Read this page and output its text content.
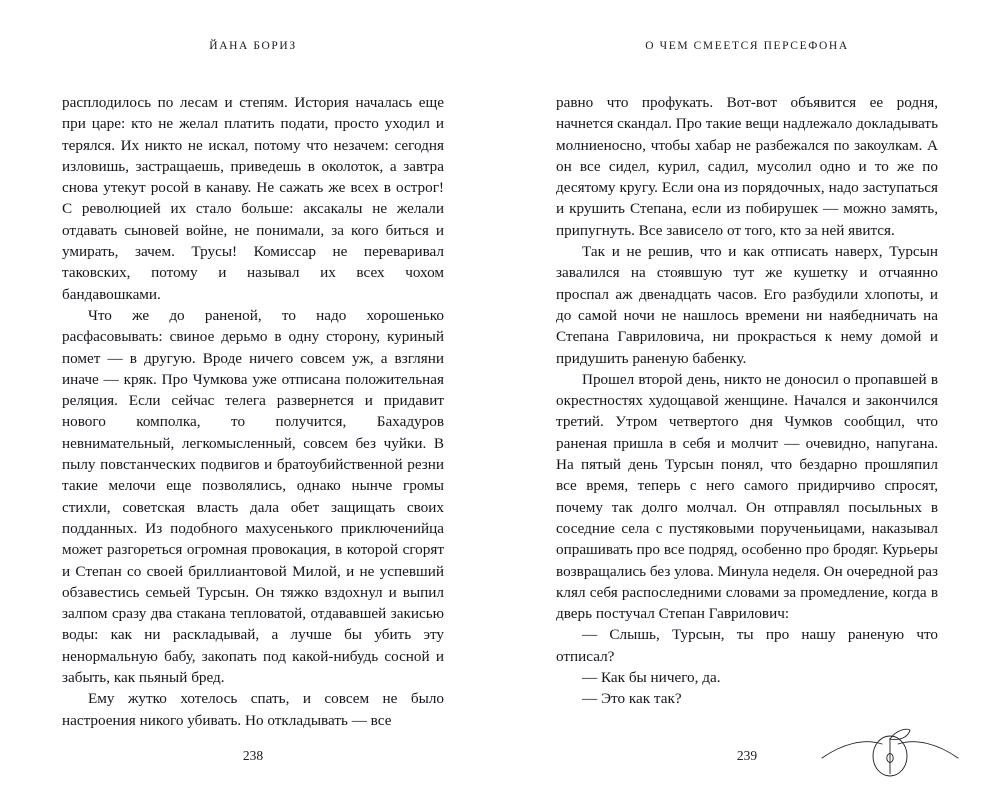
ЙАНА БОРИЗ

расплодилось по лесам и степям. История началась еще при царе: кто не желал платить подати, просто уходил и терялся. Их никто не искал, потому что незачем: сегодня изловишь, застращаешь, приведешь в околоток, а завтра снова утекут росой в канаву. Не сажать же всех в острог! С революцией их стало больше: аксакалы не желали отдавать сыновей войне, не понимали, за кого биться и умирать, зачем. Трусы! Комиссар не переваривал таковских, потому и называл их всех чохом бандавошками.

Что же до раненой, то надо хорошенько расфасовывать: свиное дерьмо в одну сторону, куриный помет — в другую. Вроде ничего совсем уж, а взгляни иначе — кряк. Про Чумкова уже отписана положительная реляция. Если сейчас телега развернется и придавит нового комполка, то получится, Бахадуров невнимательный, легкомысленный, совсем без чуйки. В пылу повстанческих подвигов и братоубийственной резни такие мелочи еще позволялись, однако нынче громы стихли, советская власть дала обет защищать своих подданных. Из подобного махусенького приключенийца может разгореться огромная провокация, в которой сгорят и Степан со своей бриллиантовой Милой, и не успевший обзавестись семьей Турсын. Он тяжко вздохнул и выпил залпом сразу два стакана тепловатой, отдававшей закисью воды: как ни раскладывай, а лучше бы убить эту ненормальную бабу, закопать под какой-нибудь сосной и забыть, как пьяный бред.

Ему жутко хотелось спать, и совсем не было настроения никого убивать. Но откладывать — все

238
О ЧЕМ СМЕЕТСЯ ПЕРСЕФОНА

равно что профукать. Вот-вот объявится ее родня, начнется скандал. Про такие вещи надлежало докладывать молниеносно, чтобы хабар не разбежался по закоулкам. А он все сидел, курил, садил, мусолил одно и то же по десятому кругу. Если она из порядочных, надо заступаться и крушить Степана, если из побирушек — можно замять, припугнуть. Все зависело от того, кто за ней явится.

Так и не решив, что и как отписать наверх, Турсын завалился на стоявшую тут же кушетку и отчаянно проспал аж двенадцать часов. Его разбудили хлопоты, и до самой ночи не нашлось времени ни наябедничать на Степана Гавриловича, ни прокрасться к нему домой и придушить раненую бабенку.

Прошел второй день, никто не доносил о пропавшей в окрестностях худощавой женщине. Начался и закончился третий. Утром четвертого дня Чумков сообщил, что раненая пришла в себя и молчит — очевидно, напугана. На пятый день Турсын понял, что бездарно прошляпил все время, теперь с него самого придирчиво спросят, почему так долго молчал. Он отправлял посыльных в соседние села с пустяковыми порученьицами, наказывал опрашивать про все подряд, особенно про бродяг. Курьеры возвращались без улова. Минула неделя. Он очередной раз клял себя распоследними словами за промедление, когда в дверь постучал Степан Гаврилович:

— Слышь, Турсын, ты про нашу раненую что отписал?

— Как бы ничего, да.

— Это как так?

239
